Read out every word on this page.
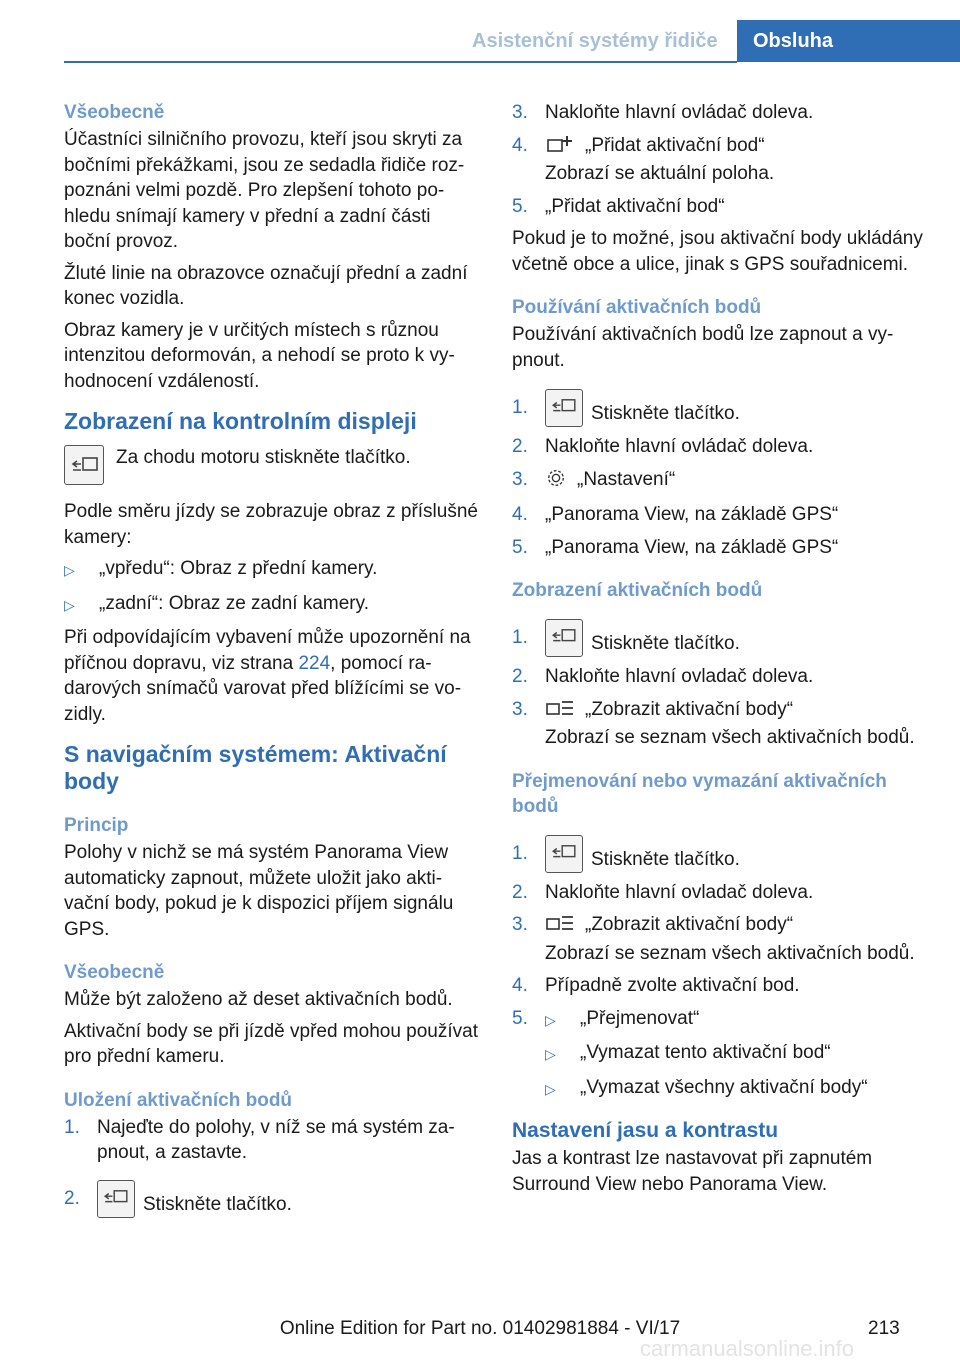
Asistenční systémy řidiče	Obsluha
Všeobecně
Účastníci silničního provozu, kteří jsou skryti za bočními překážkami, jsou ze sedadla řidiče rozpoznáni velmi pozdě. Pro zlepšení tohoto pohledu snímají kamery v přední a zadní části boční provoz.
Žluté linie na obrazovce označují přední a zadní konec vozidla.
Obraz kamery je v určitých místech s různou intenzitou deformován, a nehodí se proto k vyhodnocení vzdáleností.
Zobrazení na kontrolním displeji
Za chodu motoru stiskněte tlačítko.
Podle směru jízdy se zobrazuje obraz z příslušné kamery:
▷	„vpředu“: Obraz z přední kamery.
▷	„zadní“: Obraz ze zadní kamery.
Při odpovídajícím vybavení může upozornění na příčnou dopravu, viz strana 224, pomocí radarových snímačů varovat před blížícími se vozidly.
S navigačním systémem: Aktivační body
Princip
Polohy v nichž se má systém Panorama View automaticky zapnout, můžete uložit jako aktivační body, pokud je k dispozici příjem signálu GPS.
Všeobecně
Může být založeno až deset aktivačních bodů.
Aktivační body se při jízdě vpřed mohou používat pro přední kameru.
Uložení aktivačních bodů
1. Najeďte do polohy, v níž se má systém zapnout, a zastavte.
2.	Stiskněte tlačítko.
3. Nakloňte hlavní ovládač doleva.
4.	„Přidat aktivační bod“
Zobrazí se aktuální poloha.
5. „Přidat aktivační bod“
Pokud je to možné, jsou aktivační body ukládány včetně obce a ulice, jinak s GPS souřadnicemi.
Používání aktivačních bodů
Používání aktivačních bodů lze zapnout a vypnout.
1.	Stiskněte tlačítko.
2. Nakloňte hlavní ovládač doleva.
3.	„Nastavení“
4. „Panorama View, na základě GPS“
5. „Panorama View, na základě GPS“
Zobrazení aktivačních bodů
1.	Stiskněte tlačítko.
2. Nakloňte hlavní ovladač doleva.
3.	„Zobrazit aktivační body“
Zobrazí se seznam všech aktivačních bodů.
Přejmenování nebo vymazání aktivačních bodů
1.	Stiskněte tlačítko.
2. Nakloňte hlavní ovladač doleva.
3.	„Zobrazit aktivační body“
Zobrazí se seznam všech aktivačních bodů.
4. Případně zvolte aktivační bod.
5.	▷	„Přejmenovat“
▷	„Vymazat tento aktivační bod“
▷	„Vymazat všechny aktivační body“
Nastavení jasu a kontrastu
Jas a kontrast lze nastavovat při zapnutém Surround View nebo Panorama View.
213
Online Edition for Part no. 01402981884 - VI/17
carmanualsonline.info
